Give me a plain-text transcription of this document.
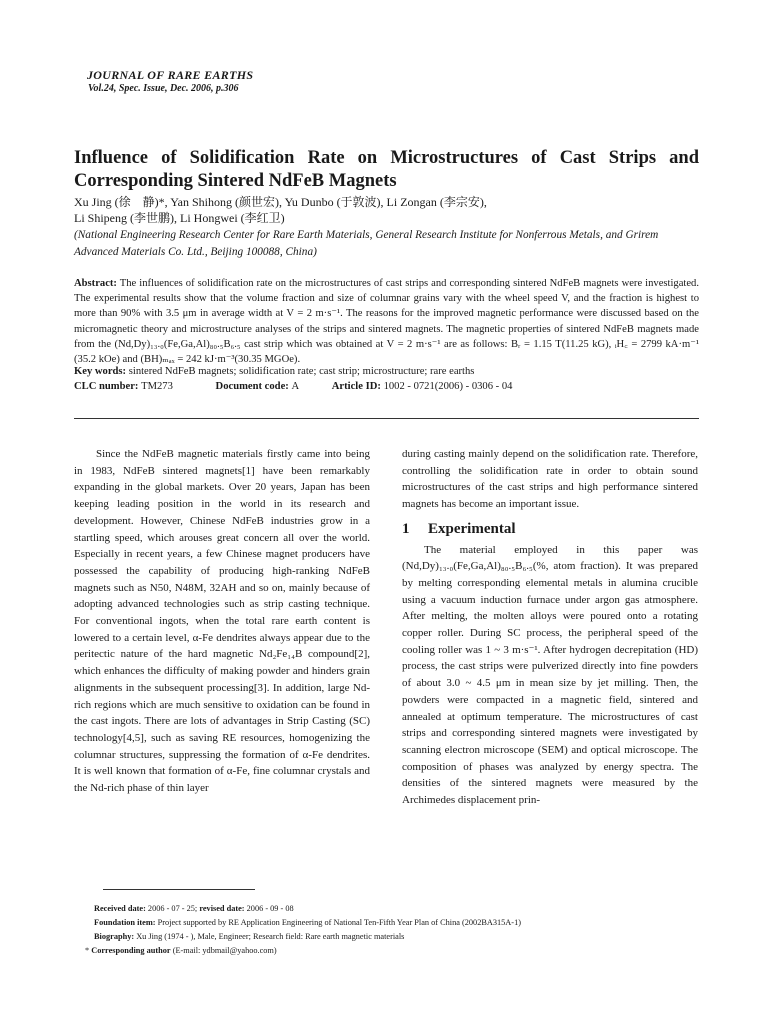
JOURNAL OF RARE EARTHS
Vol.24, Spec. Issue, Dec. 2006, p.306
Influence of Solidification Rate on Microstructures of Cast Strips and Corresponding Sintered NdFeB Magnets
Xu Jing (徐　静)*, Yan Shihong (颜世宏), Yu Dunbo (于敦波), Li Zongan (李宗安),
Li Shipeng (李世鹏), Li Hongwei (李红卫)
(National Engineering Research Center for Rare Earth Materials, General Research Institute for Nonferrous Metals, and Grirem Advanced Materials Co. Ltd., Beijing 100088, China)
Abstract: The influences of solidification rate on the microstructures of cast strips and corresponding sintered NdFeB magnets were investigated. The experimental results show that the volume fraction and size of columnar grains vary with the wheel speed V, and the fraction is highest to more than 90% with 3.5 μm in average width at V = 2 m·s⁻¹. The reasons for the improved magnetic performance were discussed based on the micromagnetic theory and microstructure analyses of the strips and sintered magnets. The magnetic properties of sintered NdFeB magnets made from the (Nd,Dy)₁₃.₀(Fe,Ga,Al)₈₀.₅B₆.₅ cast strip which was obtained at V = 2 m·s⁻¹ are as follows: Bᵣ = 1.15 T(11.25 kG), ᵢH꜀ = 2799 kA·m⁻¹ (35.2 kOe) and (BH)ₘₐₓ = 242 kJ·m⁻³(30.35 MGOe).
Key words: sintered NdFeB magnets; solidification rate; cast strip; microstructure; rare earths
CLC number: TM273	Document code: A	Article ID: 1002 - 0721(2006) - 0306 - 04

Since the NdFeB magnetic materials firstly came into being in 1983, NdFeB sintered magnets[1] have been remarkably expanding in the global markets. Over 20 years, Japan has been keeping leading position in the world in its research and development. However, Chinese NdFeB industries grow in a startling speed, which arouses great concern all over the world. Especially in recent years, a few Chinese magnet producers have possessed the capability of producing high-ranking NdFeB magnets such as N50, N48M, 32AH and so on, mainly because of adopting advanced technologies such as strip casting technique. For conventional ingots, when the total rare earth content is lowered to a certain level, α-Fe dendrites always appear due to the peritectic nature of the hard magnetic Nd₂Fe₁₄B compound[2], which enhances the difficulty of making powder and hinders grain alignments in the subsequent processing[3]. In addition, large Nd-rich regions which are much sensitive to oxidation can be found in the cast ingots. There are lots of advantages in Strip Casting (SC) technology[4,5], such as saving RE resources, homogenizing the columnar structures, suppressing the formation of α-Fe dendrites. It is well known that formation of α-Fe, fine columnar crystals and the Nd-rich phase of thin layer

during casting mainly depend on the solidification rate. Therefore, controlling the solidification rate in order to obtain sound microstructures of the cast strips and high performance sintered magnets has become an important issue.

1 Experimental

The material employed in this paper was (Nd,Dy)₁₃.₀(Fe,Ga,Al)₈₀.₅B₆.₅(%, atom fraction). It was prepared by melting corresponding elemental metals in alumina crucible using a vacuum induction furnace under argon gas atmosphere. After melting, the molten alloys were poured onto a rotating copper roller. During SC process, the peripheral speed of the cooling roller was 1 ~ 3 m·s⁻¹. After hydrogen decrepitation (HD) process, the cast strips were pulverized directly into fine powders of about 3.0 ~ 4.5 μm in mean size by jet milling. Then, the powders were compacted in a magnetic field, sintered and annealed at optimum temperature. The microstructures of cast strips and corresponding sintered magnets were investigated by scanning electron microscope (SEM) and optical microscope. The composition of phases was analyzed by energy spectra. The densities of the sintered magnets were measured by the Archimedes displacement prin-

Received date: 2006 - 07 - 25; revised date: 2006 - 09 - 08
Foundation item: Project supported by RE Application Engineering of National Ten-Fifth Year Plan of China (2002BA315A-1)
Biography: Xu Jing (1974 - ), Male, Engineer; Research field: Rare earth magnetic materials
* Corresponding author (E-mail: ydbmail@yahoo.com)
